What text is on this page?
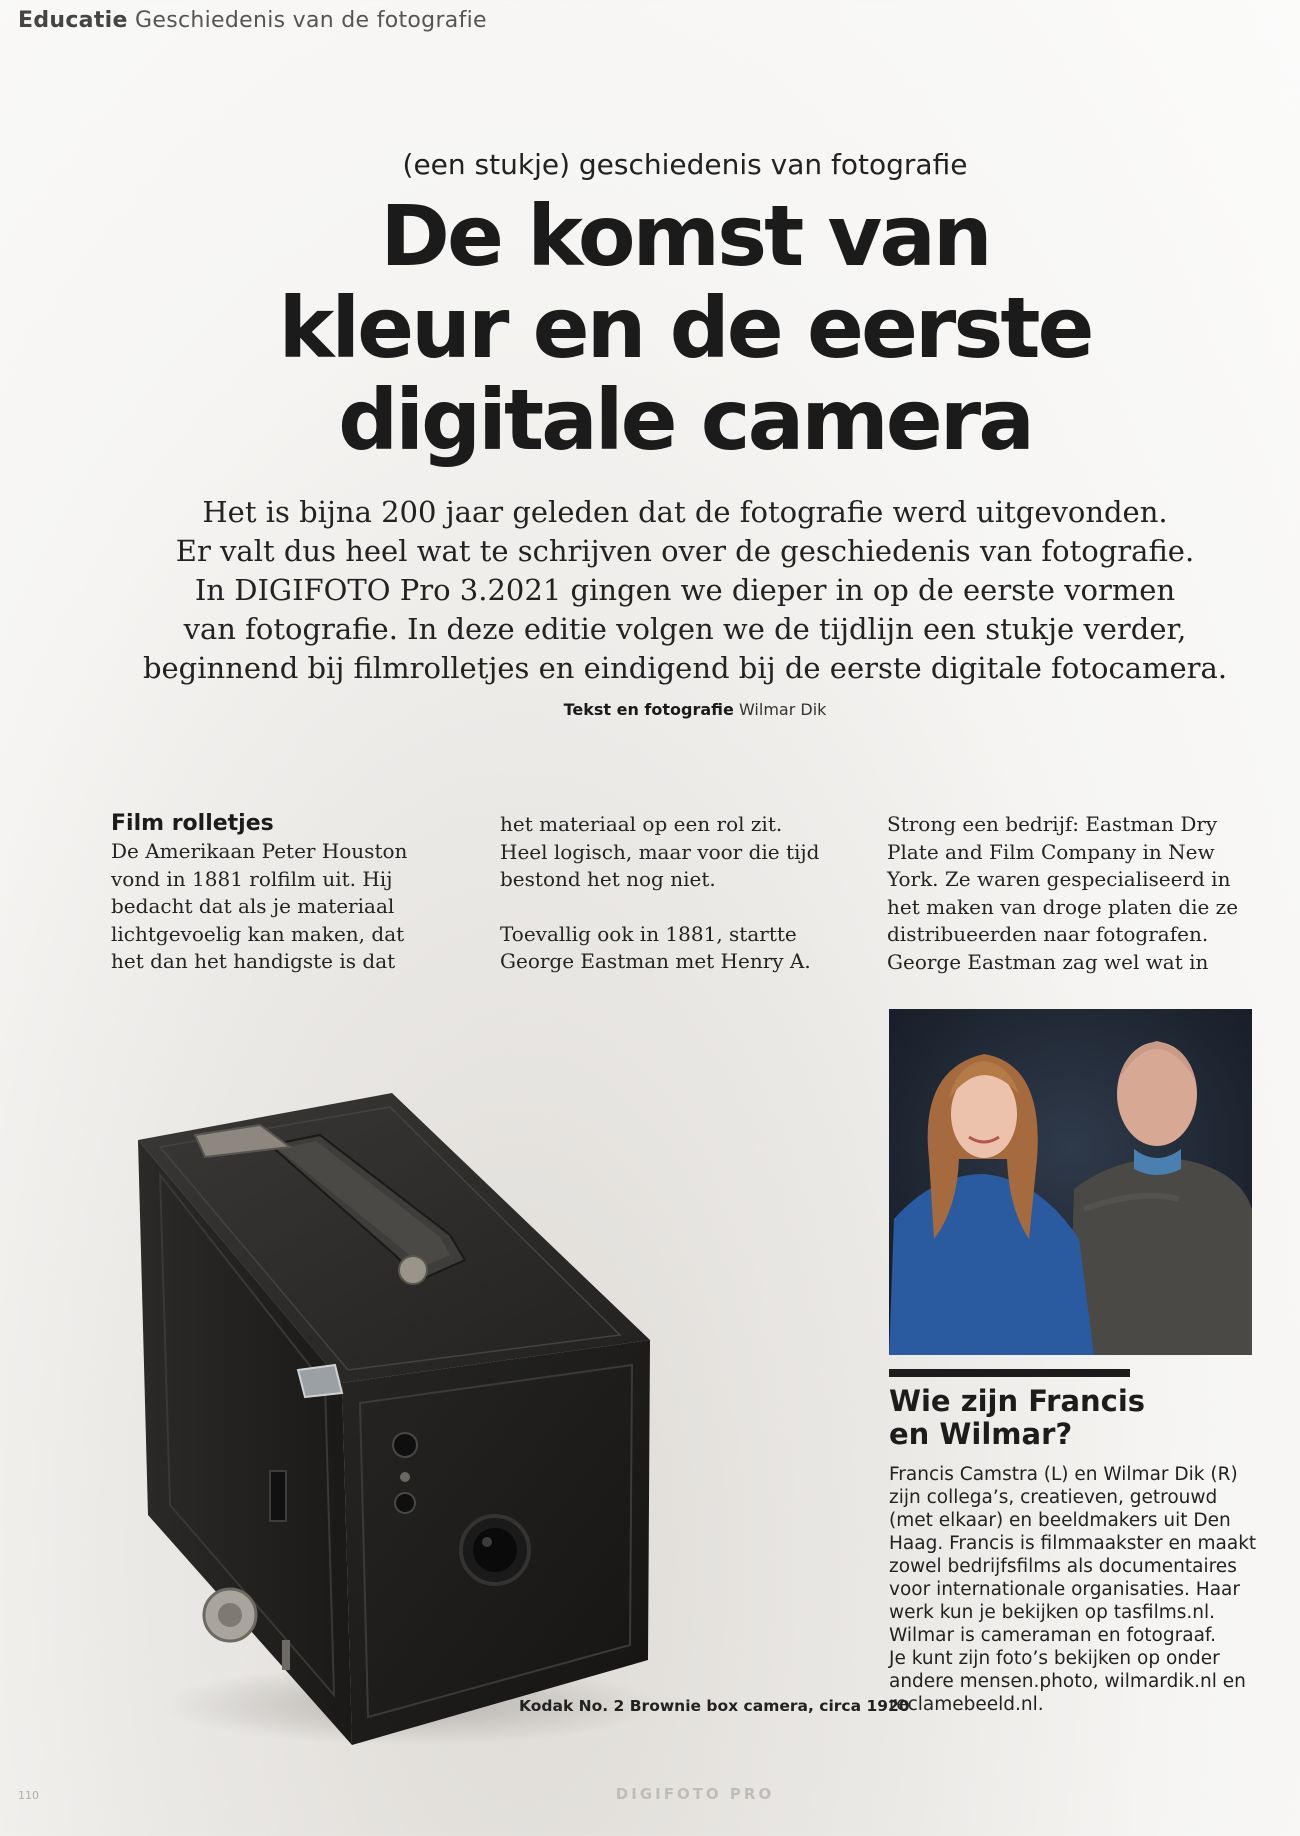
Educatie Geschiedenis van de fotografie
(een stukje) geschiedenis van fotografie
De komst van
kleur en de eerste
digitale camera

Het is bijna 200 jaar geleden dat de fotografie werd uitgevonden.
Er valt dus heel wat te schrijven over de geschiedenis van fotografie.
In DIGIFOTO Pro 3.2021 gingen we dieper in op de eerste vormen
van fotografie. In deze editie volgen we de tijdlijn een stukje verder,
beginnend bij filmrolletjes en eindigend bij de eerste digitale fotocamera.

Tekst en fotografie Wilmar Dik
Film rolletjes

De Amerikaan Peter Houston

vond in 1881 rolfilm uit. Hij

bedacht dat als je materiaal

lichtgevoelig kan maken, dat

het dan het handigste is dat

het materiaal op een rol zit.

Heel logisch, maar voor die tijd

bestond het nog niet.

Toevallig ook in 1881, startte

George Eastman met Henry A.

Strong een bedrijf: Eastman Dry

Plate and Film Company in New

York. Ze waren gespecialiseerd in

het maken van droge platen die ze

distribueerden naar fotografen.

George Eastman zag wel wat in

Kodak No. 2 Brownie box camera, circa 1920
Wie zijn Francis
en Wilmar?

Francis Camstra (L) en Wilmar Dik (R)
zijn collega’s, creatieven, getrouwd
(met elkaar) en beeldmakers uit Den
Haag. Francis is filmmaakster en maakt
zowel bedrijfsfilms als documentaires
voor internationale organisaties. Haar
werk kun je bekijken op tasfilms.nl.
Wilmar is cameraman en fotograaf.
Je kunt zijn foto’s bekijken op onder
andere mensen.photo, wilmardik.nl en
reclamebeeld.nl.

110	DIGIFOTO PRO
